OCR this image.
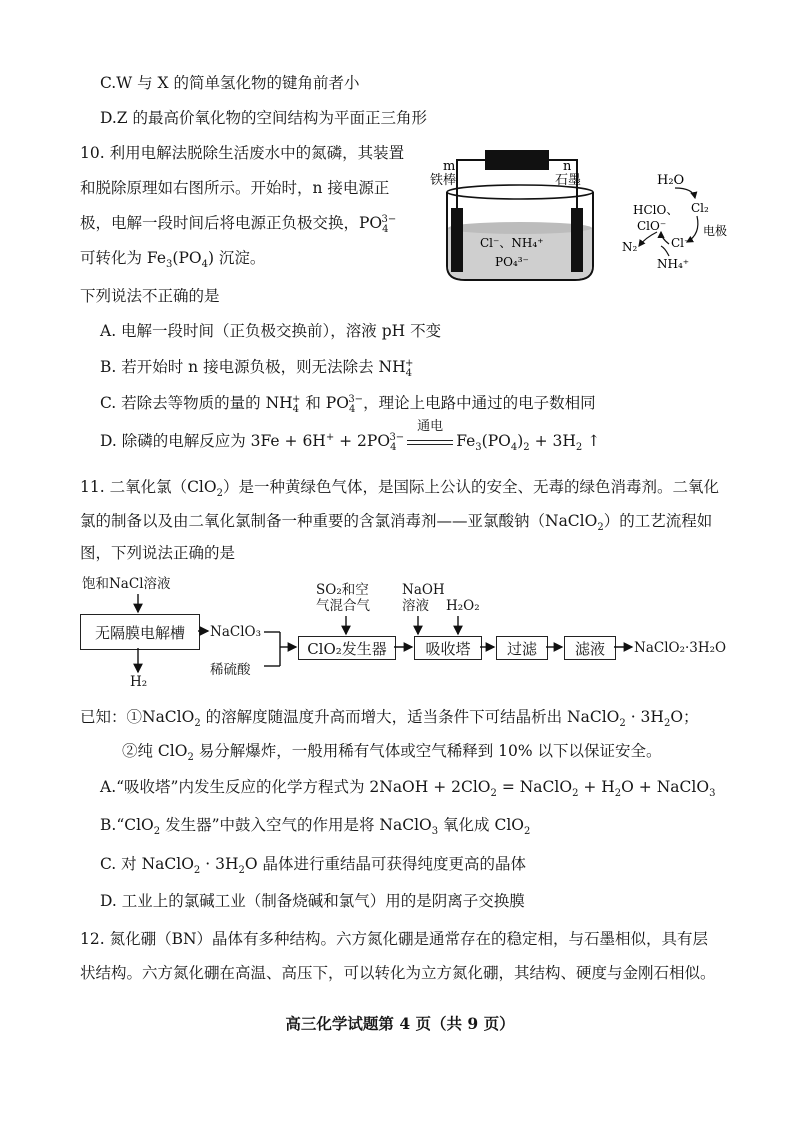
C.W 与 X 的简单氢化物的键角前者小
D.Z 的最高价氧化物的空间结构为平面正三角形
10. 利用电解法脱除生活废水中的氮磷，其装置
和脱除原理如右图所示。开始时，n 接电源正
极，电解一段时间后将电源正负极交换，$PO_4^{3-}$
可转化为 $Fe_3(PO_4)$ 沉淀。
m	n
铁棒	石墨
Cl⁻、NH₄⁺
PO₄³⁻
H₂O
HClO、
ClO⁻
Cl₂
电极
N₂	Cl⁻
NH₄⁺
下列说法不正确的是
A. 电解一段时间（正负极交换前），溶液 pH 不变
B. 若开始时 n 接电源负极，则无法除去 $NH_4^+$
C. 若除去等物质的量的 $NH_4^+$ 和 $PO_4^{3-}$，理论上电路中通过的电子数相同
D. 除磷的电解反应为 $3Fe + 6H^+ + 2PO_4^{3-}$
通电
$Fe_3(PO_4)_2 + 3H_2$ ↑
11. 二氧化氯（ClO$_2$）是一种黄绿色气体，是国际上公认的安全、无毒的绿色消毒剂。二氧化
氯的制备以及由二氧化氯制备一种重要的含氯消毒剂——亚氯酸钠（NaClO$_2$）的工艺流程如
图，下列说法正确的是
饱和NaCl溶液
无隔膜电解槽	NaClO₃
H₂
稀硫酸
SO₂和空
气混合气
ClO₂发生器
NaOH
溶液 H₂O₂
吸收塔	过滤	滤液	NaClO₂·3H₂O
已知：①NaClO$_2$ 的溶解度随温度升高而增大，适当条件下可结晶析出 NaClO$_2$ · $3H_2O$；
②纯 ClO$_2$ 易分解爆炸，一般用稀有气体或空气稀释到 10% 以下以保证安全。
A.“吸收塔”内发生反应的化学方程式为 2NaOH + 2ClO$_2$ = NaClO$_2$ + $H_2O$ + NaClO$_3$
B.“ClO$_2$ 发生器”中鼓入空气的作用是将 NaClO$_3$ 氧化成 ClO$_2$
C. 对 NaClO$_2$ · $3H_2O$ 晶体进行重结晶可获得纯度更高的晶体
D. 工业上的氯碱工业（制备烧碱和氯气）用的是阴离子交换膜
12. 氮化硼（BN）晶体有多种结构。六方氮化硼是通常存在的稳定相，与石墨相似，具有层
状结构。六方氮化硼在高温、高压下，可以转化为立方氮化硼，其结构、硬度与金刚石相似。
高三化学试题第 4 页（共 9 页）
